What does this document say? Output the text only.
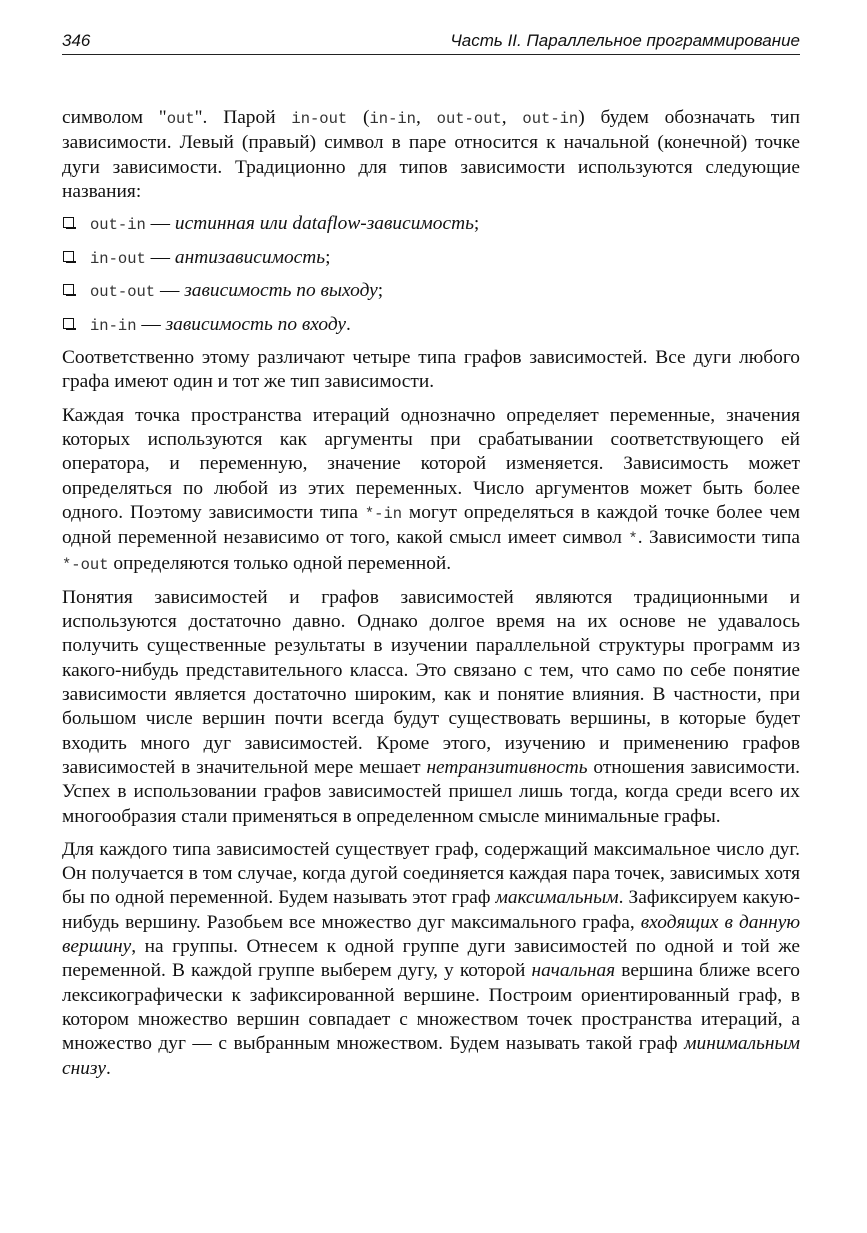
346	Часть II. Параллельное программирование

символом "out". Парой in-out (in-in, out-out, out-in) будем обозначать тип зависимости. Левый (правый) символ в паре относится к начальной (конечной) точке дуги зависимости. Традиционно для типов зависимости используются следующие названия:

out-in — истинная или dataflow-зависимость;
in-out — антизависимость;
out-out — зависимость по выходу;
in-in — зависимость по входу.

Соответственно этому различают четыре типа графов зависимостей. Все дуги любого графа имеют один и тот же тип зависимости.

Каждая точка пространства итераций однозначно определяет переменные, значения которых используются как аргументы при срабатывании соответствующего ей оператора, и переменную, значение которой изменяется. Зависимость может определяться по любой из этих переменных. Число аргументов может быть более одного. Поэтому зависимости типа *-in могут определяться в каждой точке более чем одной переменной независимо от того, какой смысл имеет символ *. Зависимости типа *-out определяются только одной переменной.

Понятия зависимостей и графов зависимостей являются традиционными и используются достаточно давно. Однако долгое время на их основе не удавалось получить существенные результаты в изучении параллельной структуры программ из какого-нибудь представительного класса. Это связано с тем, что само по себе понятие зависимости является достаточно широким, как и понятие влияния. В частности, при большом числе вершин почти всегда будут существовать вершины, в которые будет входить много дуг зависимостей. Кроме этого, изучению и применению графов зависимостей в значительной мере мешает нетранзитивность отношения зависимости. Успех в использовании графов зависимостей пришел лишь тогда, когда среди всего их многообразия стали применяться в определенном смысле минимальные графы.

Для каждого типа зависимостей существует граф, содержащий максимальное число дуг. Он получается в том случае, когда дугой соединяется каждая пара точек, зависимых хотя бы по одной переменной. Будем называть этот граф максимальным. Зафиксируем какую-нибудь вершину. Разобьем все множество дуг максимального графа, входящих в данную вершину, на группы. Отнесем к одной группе дуги зависимостей по одной и той же переменной. В каждой группе выберем дугу, у которой начальная вершина ближе всего лексикографически к зафиксированной вершине. Построим ориентированный граф, в котором множество вершин совпадает с множеством точек пространства итераций, а множество дуг — с выбранным множеством. Будем называть такой граф минимальным снизу.
